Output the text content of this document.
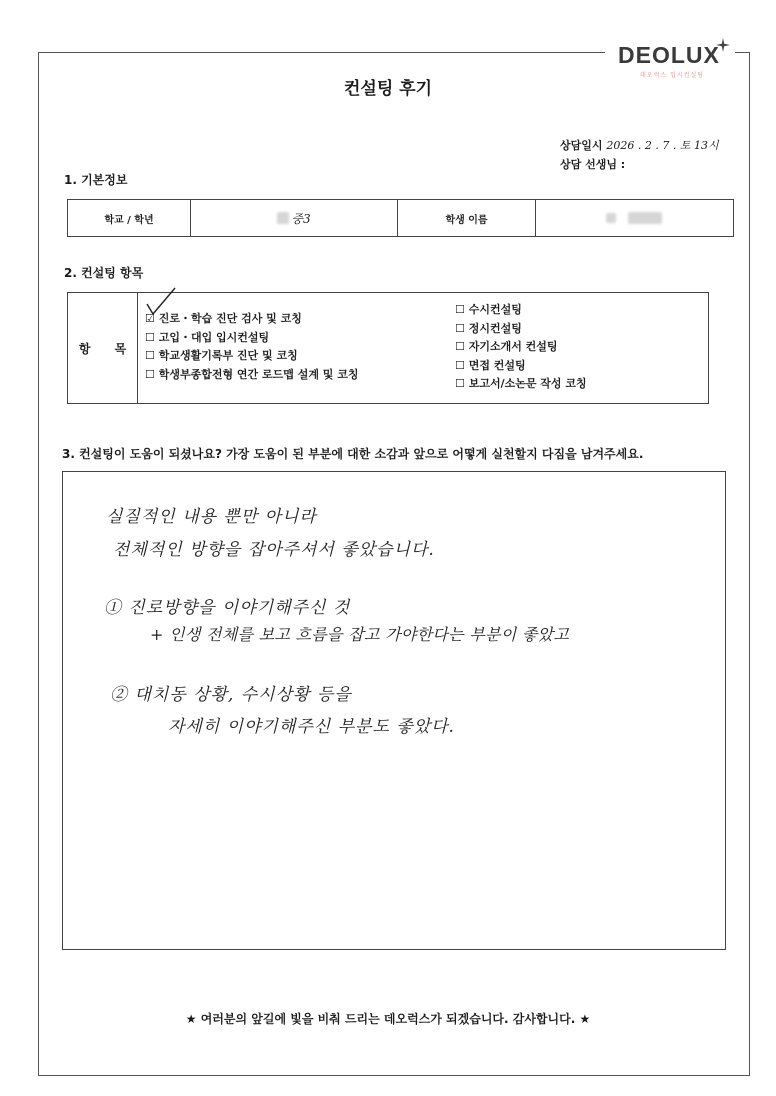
DEOLUX
데오럭스 입시컨설팅
컨설팅 후기
상담일시 2026 . 2 . 7 . 토 13시
상담 선생님 :
1. 기본정보
학교 / 학년	중3	학생 이름
2. 컨설팅 항목
항 목
☑ 진로・학습 진단 검사 및 코칭
☐ 고입・대입 입시컨설팅
☐ 학교생활기록부 진단 및 코칭
☐ 학생부종합전형 연간 로드맵 설계 및 코칭
☐ 수시컨설팅
☐ 정시컨설팅
☐ 자기소개서 컨설팅
☐ 면접 컨설팅
☐ 보고서/소논문 작성 코칭
3. 컨설팅이 도움이 되셨나요? 가장 도움이 된 부분에 대한 소감과 앞으로 어떻게 실천할지 다짐을 남겨주세요.
실질적인 내용 뿐만 아니라
전체적인 방향을 잡아주셔서 좋았습니다.
① 진로방향을 이야기해주신 것
+ 인생 전체를 보고 흐름을 잡고 가야한다는 부분이 좋았고
② 대치동 상황, 수시상황 등을
자세히 이야기해주신 부분도 좋았다.
★ 여러분의 앞길에 빛을 비춰 드리는 데오럭스가 되겠습니다. 감사합니다. ★
